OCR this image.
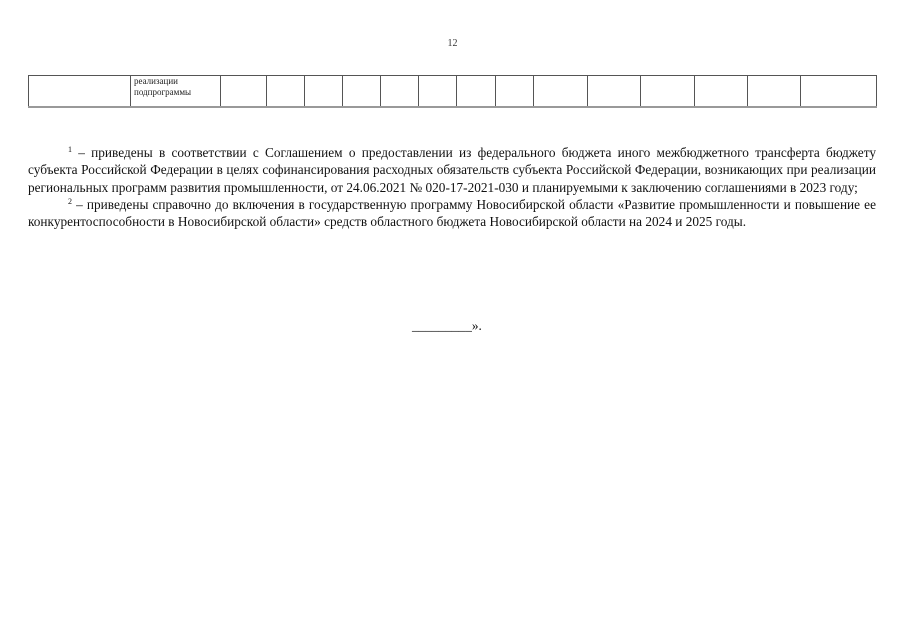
12
	реализации подпрограммы														

$^1$ – приведены в соответствии с Соглашением о предоставлении из федерального бюджета иного межбюджетного трансферта бюджету субъекта Российской Федерации в целях софинансирования расходных обязательств субъекта Российской Федерации, возникающих при реализации региональных программ развития промышленности, от 24.06.2021 № 020-17-2021-030 и планируемыми к заключению соглашениями в 2023 году;

$^2$ – приведены справочно до включения в государственную программу Новосибирской области «Развитие промышленности и повышение ее конкурентоспособности в Новосибирской области» средств областного бюджета Новосибирской области на 2024 и 2025 годы.

_________».
